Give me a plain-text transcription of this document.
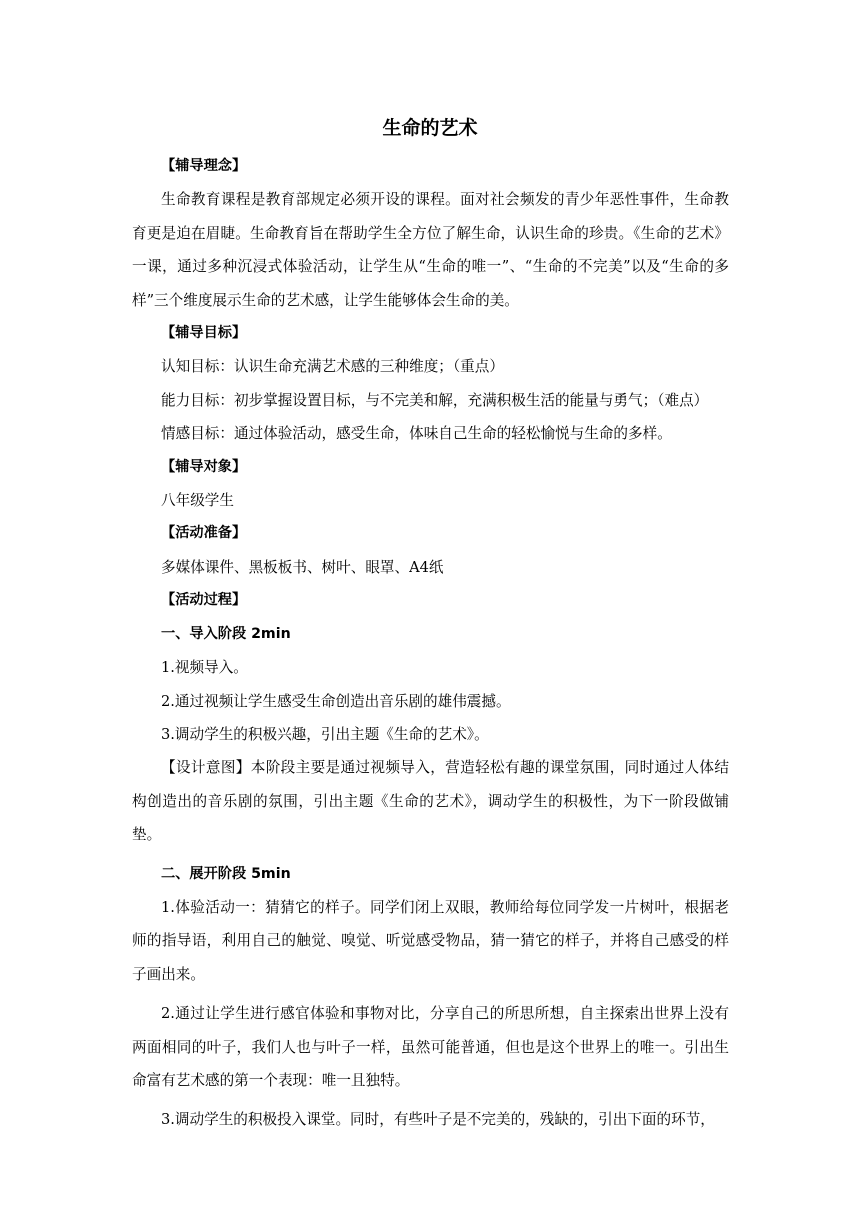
生命的艺术

【辅导理念】

生命教育课程是教育部规定必须开设的课程。面对社会频发的青少年恶性事件，生命教育更是迫在眉睫。生命教育旨在帮助学生全方位了解生命，认识生命的珍贵。《生命的艺术》一课，通过多种沉浸式体验活动，让学生从“生命的唯一”、“生命的不完美”以及“生命的多样”三个维度展示生命的艺术感，让学生能够体会生命的美。

【辅导目标】

认知目标：认识生命充满艺术感的三种维度；（重点）

能力目标：初步掌握设置目标，与不完美和解，充满积极生活的能量与勇气；（难点）

情感目标：通过体验活动，感受生命，体味自己生命的轻松愉悦与生命的多样。

【辅导对象】

八年级学生

【活动准备】

多媒体课件、黑板板书、树叶、眼罩、A4纸

【活动过程】

一、导入阶段 2min

1.视频导入。

2.通过视频让学生感受生命创造出音乐剧的雄伟震撼。

3.调动学生的积极兴趣，引出主题《生命的艺术》。

【设计意图】本阶段主要是通过视频导入，营造轻松有趣的课堂氛围，同时通过人体结构创造出的音乐剧的氛围，引出主题《生命的艺术》，调动学生的积极性，为下一阶段做铺垫。

二、展开阶段 5min

1.体验活动一：猜猜它的样子。同学们闭上双眼，教师给每位同学发一片树叶，根据老师的指导语，利用自己的触觉、嗅觉、听觉感受物品，猜一猜它的样子，并将自己感受的样子画出来。

2.通过让学生进行感官体验和事物对比，分享自己的所思所想，自主探索出世界上没有两面相同的叶子，我们人也与叶子一样，虽然可能普通，但也是这个世界上的唯一。引出生命富有艺术感的第一个表现：唯一且独特。

3.调动学生的积极投入课堂。同时，有些叶子是不完美的，残缺的，引出下面的环节，
